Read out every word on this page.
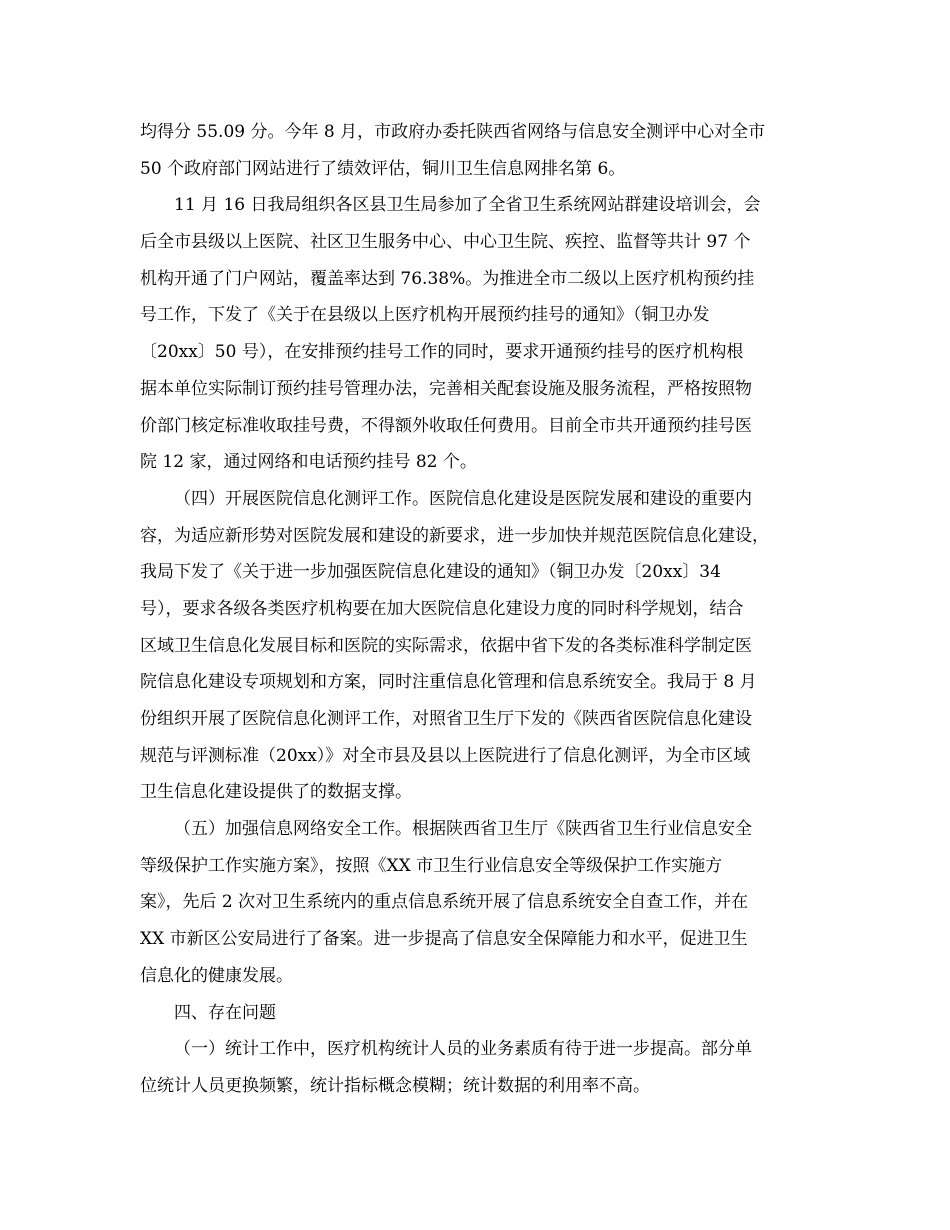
均得分 55.09 分。今年 8 月，市政府办委托陕西省网络与信息安全测评中心对全市
50 个政府部门网站进行了绩效评估，铜川卫生信息网排名第 6。
11 月 16 日我局组织各区县卫生局参加了全省卫生系统网站群建设培训会，会
后全市县级以上医院、社区卫生服务中心、中心卫生院、疾控、监督等共计 97 个
机构开通了门户网站，覆盖率达到 76.38%。为推进全市二级以上医疗机构预约挂
号工作，下发了《关于在县级以上医疗机构开展预约挂号的通知》（铜卫办发
〔20xx〕50 号），在安排预约挂号工作的同时，要求开通预约挂号的医疗机构根
据本单位实际制订预约挂号管理办法，完善相关配套设施及服务流程，严格按照物
价部门核定标准收取挂号费，不得额外收取任何费用。目前全市共开通预约挂号医
院 12 家，通过网络和电话预约挂号 82 个。
（四）开展医院信息化测评工作。医院信息化建设是医院发展和建设的重要内
容，为适应新形势对医院发展和建设的新要求，进一步加快并规范医院信息化建设，
我局下发了《关于进一步加强医院信息化建设的通知》（铜卫办发〔20xx〕34
号），要求各级各类医疗机构要在加大医院信息化建设力度的同时科学规划，结合
区域卫生信息化发展目标和医院的实际需求，依据中省下发的各类标准科学制定医
院信息化建设专项规划和方案，同时注重信息化管理和信息系统安全。我局于 8 月
份组织开展了医院信息化测评工作，对照省卫生厅下发的《陕西省医院信息化建设
规范与评测标准（20xx）》对全市县及县以上医院进行了信息化测评，为全市区域
卫生信息化建设提供了的数据支撑。
（五）加强信息网络安全工作。根据陕西省卫生厅《陕西省卫生行业信息安全
等级保护工作实施方案》，按照《XX 市卫生行业信息安全等级保护工作实施方
案》，先后 2 次对卫生系统内的重点信息系统开展了信息系统安全自查工作，并在
XX 市新区公安局进行了备案。进一步提高了信息安全保障能力和水平，促进卫生
信息化的健康发展。
四、存在问题
（一）统计工作中，医疗机构统计人员的业务素质有待于进一步提高。部分单
位统计人员更换频繁，统计指标概念模糊；统计数据的利用率不高。
